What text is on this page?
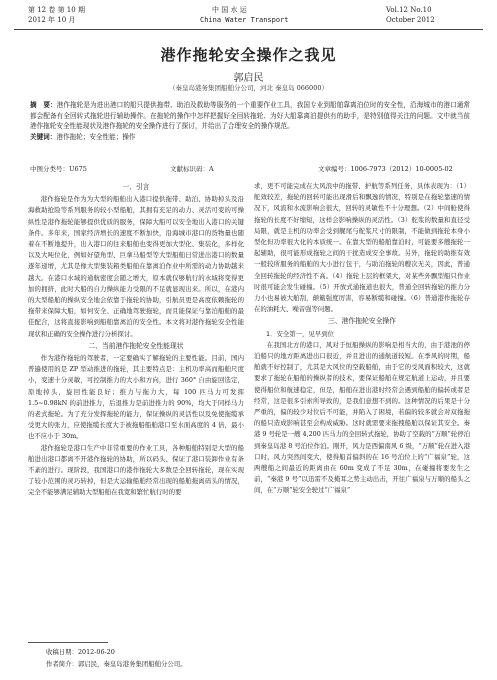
第 12 卷 第 10 期
2012 年 10 月
中 国 水 运
China Water Transport
Vol.12 No.10
October 2012
港作拖轮安全操作之我见
郭启民
（秦皇岛港务集团船舶分公司，河北 秦皇岛 066000）
摘　要：港作拖轮是为进出港口的船只提供拖带、助泊及救助等服务的一个重要作业工具，我国专业到船舶靠离泊位时的安全性，沿海城市的港口通常都会配备有全回转式拖轮进行辅助操作。在拖轮的操作中怎样把握好全回转拖轮、为好大船靠离泊提供有的助手，是特别值得关注的问题。文中就当前港作拖轮安全性能现状及港作拖轮的安全操作进行了探讨，并给出了合理安全的操作规范。
关键词：港作拖轮；安全性能；操作
中图分类号：U675	文献标识码：A	文章编号：1006-7973（2012）10-0005-02
一、引言

港作拖轮是作为为大型的船舶出入港口提供拖带、助泊、协助掉头及沿海救助抢险等系列服务的较小型船舶，其拥有充足的动力、灵活可变的可操纵性是港作拖轮能够提供优质的服务，保障大船可以安全地出入港口的关键条件。多年来，国家经济增长的速度不断加快，沿海城市港口的货物量也随着在不断地提升，出入港口的往来船舶也变得更加大型化、集装化，多样化以及大吨位化，例如好望角型、巨拿马船型等大型船舶日常进出港口的数量逐年递增，尤其是像大型集装箱类船舶在靠离泊作业中所需的动力协助越来越大。在港口水域的通航密度会随之增大，原本就仅够航行的水域将变得更加的拥挤，此时大船的自力操纵能力受限的不足就显现出来。所以，在港内的大型船舶的操纵安全地会依靠于拖轮的协助，引航员更是高度依赖拖轮的拖带来保障大船，如何安全、正确地驾驶拖轮，而且能保证与靠泊船舶的最佳配合，这将直接影响到船舶靠离泊的安全性。本文将对港作拖轮安全性能现状和正确的安全操作进行分析探讨。

二、当前港作拖轮安全性能现状

作为港作拖轮的驾驶者，一定要确实了解拖轮的主要性能。目前，国内普遍使用的是 ZP 型动推进的拖轮，其主要特点是：主机功率高而船舶尺度小，变速十分灵敏，可控制推力的大小和方向，进行 360° 自由旋回选定，原地掉头，旋回性能良好；推力与拖力大，每 100 匹马力可发挥 1.5~0.98kN 的前进推力，后退推力是前进推力的 90%，均大于同样马力的老式拖轮。为了充分发挥拖轮的能力，保证操纵的灵活性以及免使拖缆承受更大的张力，应使拖缆长度大于被拖船船舶港口至水面高度的 4 倍，最小也不应小于 30m。

港作拖轮是港口生产中非常重要的作业工具，各种船舶特别是大型的船舶进出港口都离不开港作拖轮的协助，所以码头、保证了港口装卸作业有条不紊的进行。现阶段，我国港口的港作拖轮大多数是全回转拖轮，现在实现了较小范围的灵巧转掉，但是大运输船舶经常出现的船舶拖离码头的情况，完全不能够满足辅助大型船舶在我宽和繁忙航行时的要

求，更不可能完成在大风浪中的拖带、护航等系列任务，具体表现为：（1）舵效较差，拖轮的回转可能出现滑后和飘逸的情况，特别是在拖轮靠速的情况下，风流和水流影响会很大，回转的灵敏性不十分理想。（2）中间舱使得拖轮的长度不好缩短，这样会影响操纵的灵活性。（3）舵浆的数量和直径受局限，就是主机的功率会受到艉尾与舵浆尺寸的限制，不能做到拖轮本身小型化但功率很大化的本质统一。在靠大型的船舶靠泊时，可能要多艘拖轮一起辅助，很可能形成拖轮之间的干扰造成安全事故。另外，拖轮的助推有效一般较所服务的船舶的大小进行包干，与助泊拖轮的艘次无关，因此，普通全回转拖轮的经济性不高。（4）拖轮上层的框架大，对某些外飘型船只作业时很可能会发生碰撞。（5）开放式通拖道也很大，普通全回转拖轮的推力分力小也易被大舶刮，颠簸强度厉害，容易断缆和碰撞。（6）普通港作拖轮存在的油耗大、噪音强等问题。

三、港作拖轮安全操作
1．安全第一，见早到位

在我国北方的港口，风对于恒船操纵的影响是相当大的，由于港池的停泊船只的地方距离进出口很近，并且进出的通航道较短。在季风的时期，船舶就不好控制了，尤其是大风位的空载船舶，由于它的受风面积较大，这就要求了拖轮在船舶的操纵者的技术，要保证船舶在规定航道上运动，并且要使得船位和航速稳定，但是，船舶在进出港时经常会遇到船舶的偏转或者是经常，这是很多引索所导致的，是我们意想不到的。这种情况的后果是十分严重的，偏的较少对位后不可能，并陷入了困境，若偏的较多就会对双拖拖的船只造成影响甚至会构成威胁。这时就需要来拖拽船舶以保证其安全。秦港 9 号轮是一艘 4,200 匹马力的全回转式拖轮，协助了空载的“万顺”轮停泊到秦皇岛港 8 号泊位作泊。刚开，风力是西偏南风 6 级，“万顺”轮在进入港口时，风力突然间变大，使得船首偏斜的在 16 号泊位上的“广福泉”轮，这两艘船之间最近的距离由在 60m 变成了不足 30m，在碰撞将要发生之前，“秦港 9 号”以迅雷不及掩耳之势主动出击，开往广福泉与万顺的船头之间，在“万顺”轮安全驶过“广福泉”

收稿日期：2012-06-20
作者简介：郭启民，秦皇岛港务集团船舶分公司。
